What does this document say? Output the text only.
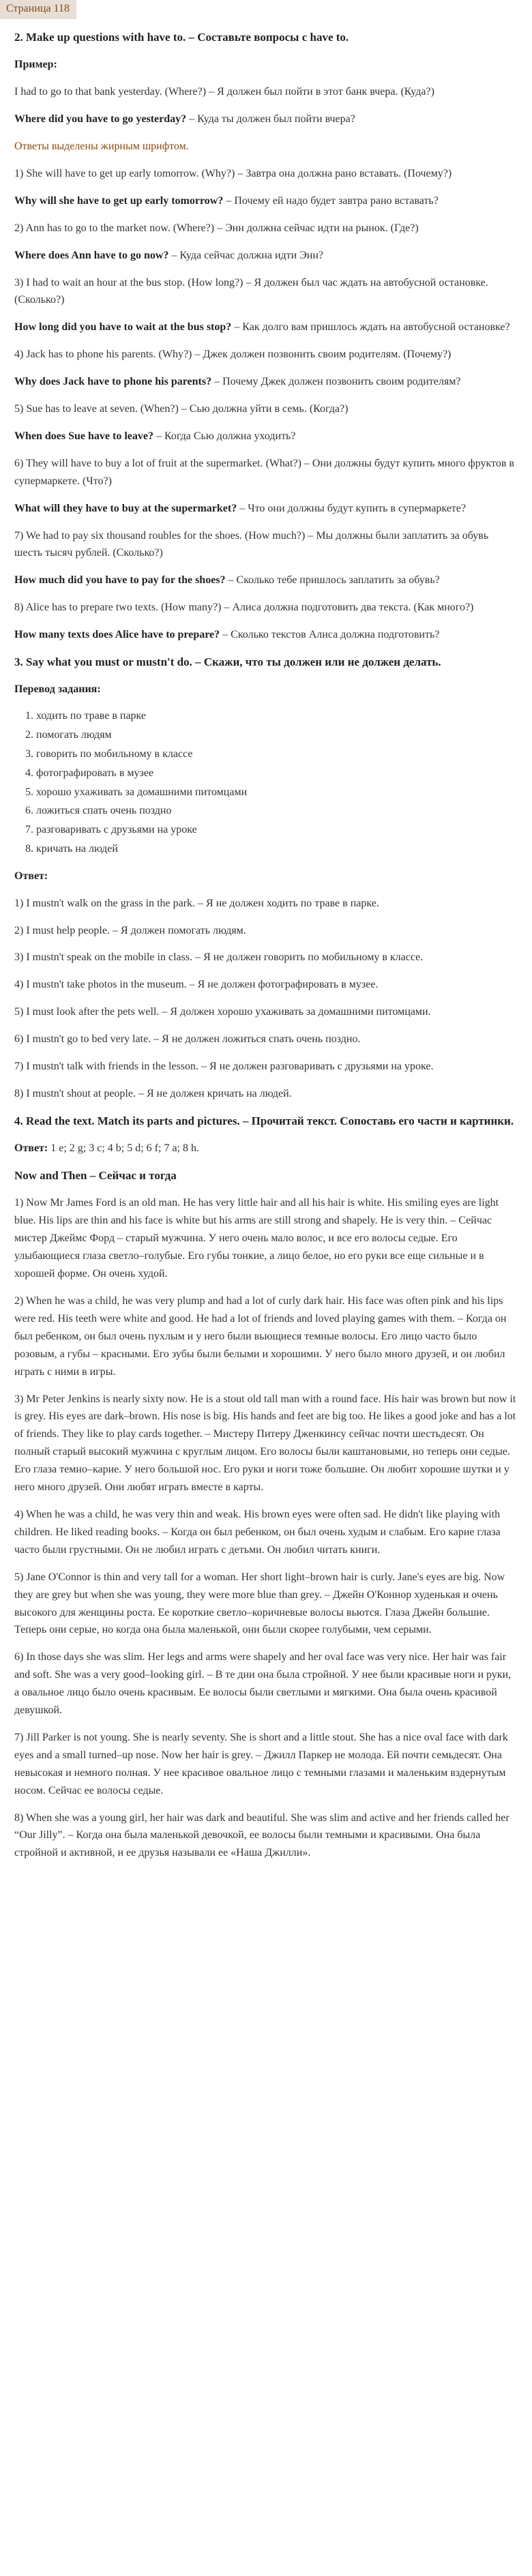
Страница 118
2. Make up questions with have to. – Составьте вопросы с have to.

Пример:

I had to go to that bank yesterday. (Where?) – Я должен был пойти в этот банк вчера. (Куда?)

Where did you have to go yesterday? – Куда ты должен был пойти вчера?

Ответы выделены жирным шрифтом.

1) She will have to get up early tomorrow. (Why?) – Завтра она должна рано вставать. (Почему?)

Why will she have to get up early tomorrow? – Почему ей надо будет завтра рано вставать?

2) Ann has to go to the market now. (Where?) – Энн должна сейчас идти на рынок. (Где?)

Where does Ann have to go now? – Куда сейчас должна идти Энн?

3) I had to wait an hour at the bus stop. (How long?) – Я должен был час ждать на автобусной остановке. (Сколько?)

How long did you have to wait at the bus stop? – Как долго вам пришлось ждать на автобусной остановке?

4) Jack has to phone his parents. (Why?) – Джек должен позвонить своим родителям. (Почему?)

Why does Jack have to phone his parents? – Почему Джек должен позвонить своим родителям?

5) Sue has to leave at seven. (When?) – Сью должна уйти в семь. (Когда?)

When does Sue have to leave? – Когда Сью должна уходить?

6) They will have to buy a lot of fruit at the supermarket. (What?) – Они должны будут купить много фруктов в супермаркете. (Что?)

What will they have to buy at the supermarket? – Что они должны будут купить в супермаркете?

7) We had to pay six thousand roubles for the shoes. (How much?) – Мы должны были заплатить за обувь шесть тысяч рублей. (Сколько?)

How much did you have to pay for the shoes? – Сколько тебе пришлось заплатить за обувь?

8) Alice has to prepare two texts. (How many?) – Алиса должна подготовить два текста. (Как много?)

How many texts does Alice have to prepare? – Сколько текстов Алиса должна подготовить?

3. Say what you must or mustn't do. – Скажи, что ты должен или не должен делать.

Перевод задания:

1. ходить по траве в парке
2. помогать людям
3. говорить по мобильному в классе
4. фотографировать в музее
5. хорошо ухаживать за домашними питомцами
6. ложиться спать очень поздно
7. разговаривать с друзьями на уроке
8. кричать на людей

Ответ:

1) I mustn't walk on the grass in the park. – Я не должен ходить по траве в парке.

2) I must help people. – Я должен помогать людям.

3) I mustn't speak on the mobile in class. – Я не должен говорить по мобильному в классе.

4) I mustn't take photos in the museum. – Я не должен фотографировать в музее.

5) I must look after the pets well. – Я должен хорошо ухаживать за домашними питомцами.

6) I mustn't go to bed very late. – Я не должен ложиться спать очень поздно.

7) I mustn't talk with friends in the lesson. – Я не должен разговаривать с друзьями на уроке.

8) I mustn't shout at people. – Я не должен кричать на людей.

4. Read the text. Match its parts and pictures. – Прочитай текст. Сопоставь его части и картинки.

Ответ: 1 e; 2 g; 3 c; 4 b; 5 d; 6 f; 7 a; 8 h.

Now and Then – Сейчас и тогда

1) Now Mr James Ford is an old man. He has very little hair and all his hair is white. His smiling eyes are light blue. His lips are thin and his face is white but his arms are still strong and shapely. He is very thin. – Сейчас мистер Джеймс Форд – старый мужчина. У него очень мало волос, и все его волосы седые. Его улыбающиеся глаза светло–голубые. Его губы тонкие, а лицо белое, но его руки все еще сильные и в хорошей форме. Он очень худой.

2) When he was a child, he was very plump and had a lot of curly dark hair. His face was often pink and his lips were red. His teeth were white and good. He had a lot of friends and loved playing games with them. – Когда он был ребенком, он был очень пухлым и у него были вьющиеся темные волосы. Его лицо часто было розовым, а губы – красными. Его зубы были белыми и хорошими. У него было много друзей, и он любил играть с ними в игры.

3) Mr Peter Jenkins is nearly sixty now. He is a stout old tall man with a round face. His hair was brown but now it is grey. His eyes are dark–brown. His nose is big. His hands and feet are big too. He likes a good joke and has a lot of friends. They like to play cards together. – Мистеру Питеру Дженкинсу сейчас почти шестьдесят. Он полный старый высокий мужчина с круглым лицом. Его волосы были каштановыми, но теперь они седые. Его глаза темно–карие. У него большой нос. Его руки и ноги тоже большие. Он любит хорошие шутки и у него много друзей. Они любят играть вместе в карты.

4) When he was a child, he was very thin and weak. His brown eyes were often sad. He didn't like playing with children. He liked reading books. – Когда он был ребенком, он был очень худым и слабым. Его карие глаза часто были грустными. Он не любил играть с детьми. Он любил читать книги.

5) Jane O'Connor is thin and very tall for a woman. Her short light–brown hair is curly. Jane's eyes are big. Now they are grey but when she was young, they were more blue than grey. – Джейн О'Коннор худенькая и очень высокого для женщины роста. Ее короткие светло–коричневые волосы вьются. Глаза Джейн большие. Теперь они серые, но когда она была маленькой, они были скорее голубыми, чем серыми.

6) In those days she was slim. Her legs and arms were shapely and her oval face was very nice. Her hair was fair and soft. She was a very good–looking girl. – В те дни она была стройной. У нее были красивые ноги и руки, а овальное лицо было очень красивым. Ее волосы были светлыми и мягкими. Она была очень красивой девушкой.

7) Jill Parker is not young. She is nearly seventy. She is short and a little stout. She has a nice oval face with dark eyes and a small turned–up nose. Now her hair is grey. – Джилл Паркер не молода. Ей почти семьдесят. Она невысокая и немного полная. У нее красивое овальное лицо с темными глазами и маленьким вздернутым носом. Сейчас ее волосы седые.

8) When she was a young girl, her hair was dark and beautiful. She was slim and active and her friends called her “Our Jilly”. – Когда она была маленькой девочкой, ее волосы были темными и красивыми. Она была стройной и активной, и ее друзья называли ее «Наша Джилли».
